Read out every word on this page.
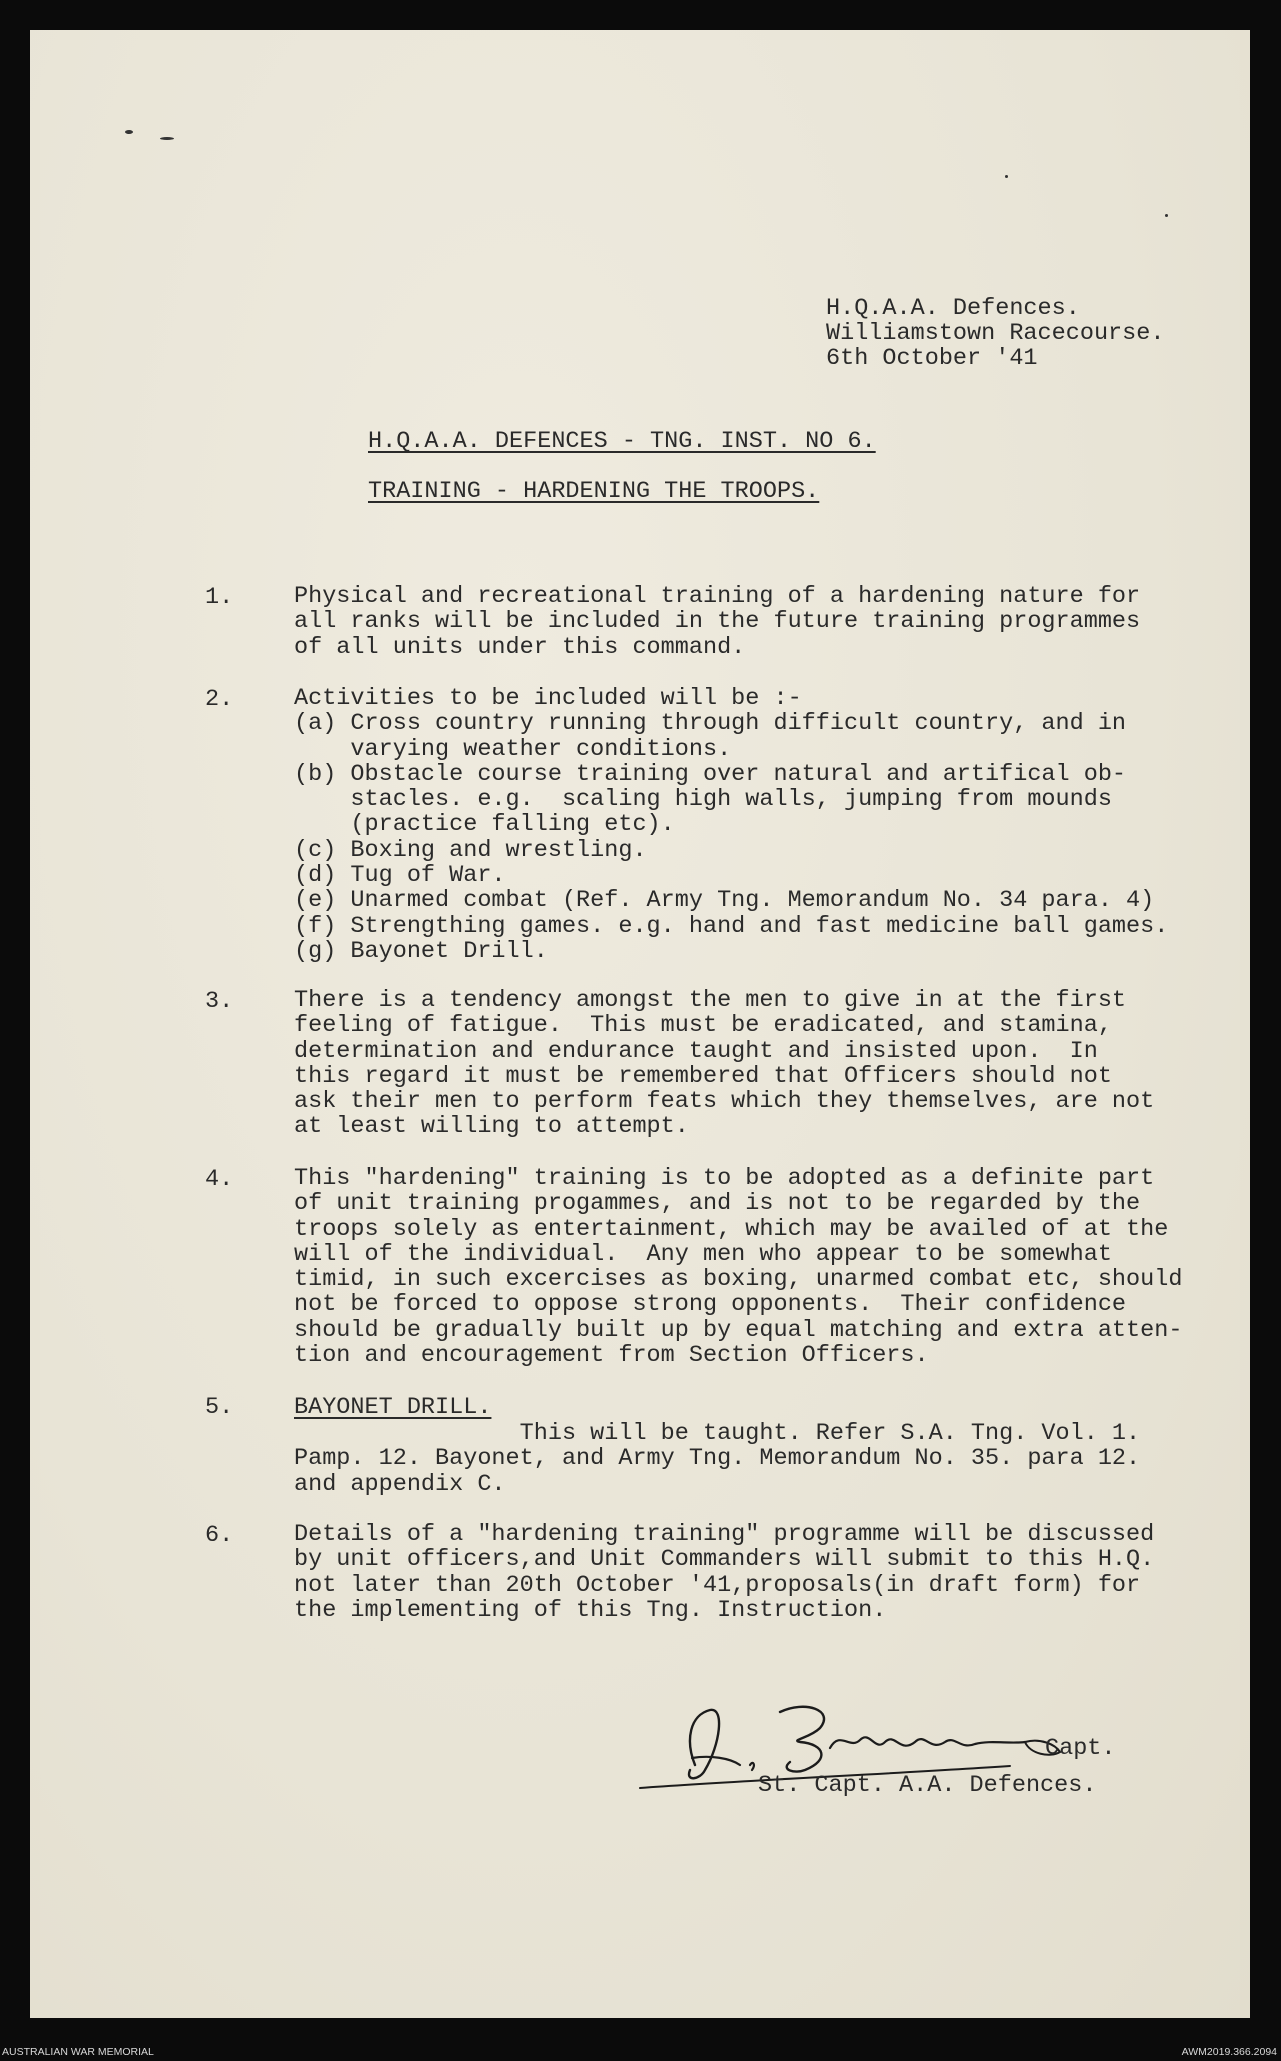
H.Q.A.A. Defences.
Williamstown Racecourse.
6th October '41
H.Q.A.A. DEFENCES - TNG. INST. NO 6.
TRAINING - HARDENING THE TROOPS.
1.	Physical and recreational training of a hardening nature for
all ranks will be included in the future training programmes
of all units under this command.
2.	Activities to be included will be :-
(a) Cross country running through difficult country, and in
varying weather conditions.
(b) Obstacle course training over natural and artifical ob-
stacles. e.g.  scaling high walls, jumping from mounds
(practice falling etc).
(c) Boxing and wrestling.
(d) Tug of War.
(e) Unarmed combat (Ref. Army Tng. Memorandum No. 34 para. 4)
(f) Strengthing games. e.g. hand and fast medicine ball games.
(g) Bayonet Drill.
3.	There is a tendency amongst the men to give in at the first
feeling of fatigue.  This must be eradicated, and stamina,
determination and endurance taught and insisted upon.  In
this regard it must be remembered that Officers should not
ask their men to perform feats which they themselves, are not
at least willing to attempt.
4.	This "hardening" training is to be adopted as a definite part
of unit training progammes, and is not to be regarded by the
troops solely as entertainment, which may be availed of at the
will of the individual.  Any men who appear to be somewhat
timid, in such excercises as boxing, unarmed combat etc, should
not be forced to oppose strong opponents.  Their confidence
should be gradually built up by equal matching and extra atten-
tion and encouragement from Section Officers.
5.	BAYONET DRILL.
This will be taught. Refer S.A. Tng. Vol. 1.
Pamp. 12. Bayonet, and Army Tng. Memorandum No. 35. para 12.
and appendix C.
6.	Details of a "hardening training" programme will be discussed
by unit officers,and Unit Commanders will submit to this H.Q.
not later than 20th October '41,proposals(in draft form) for
the implementing of this Tng. Instruction.
Capt.
St. Capt. A.A. Defences.
AUSTRALIAN WAR MEMORIAL	AWM2019.366.2094
